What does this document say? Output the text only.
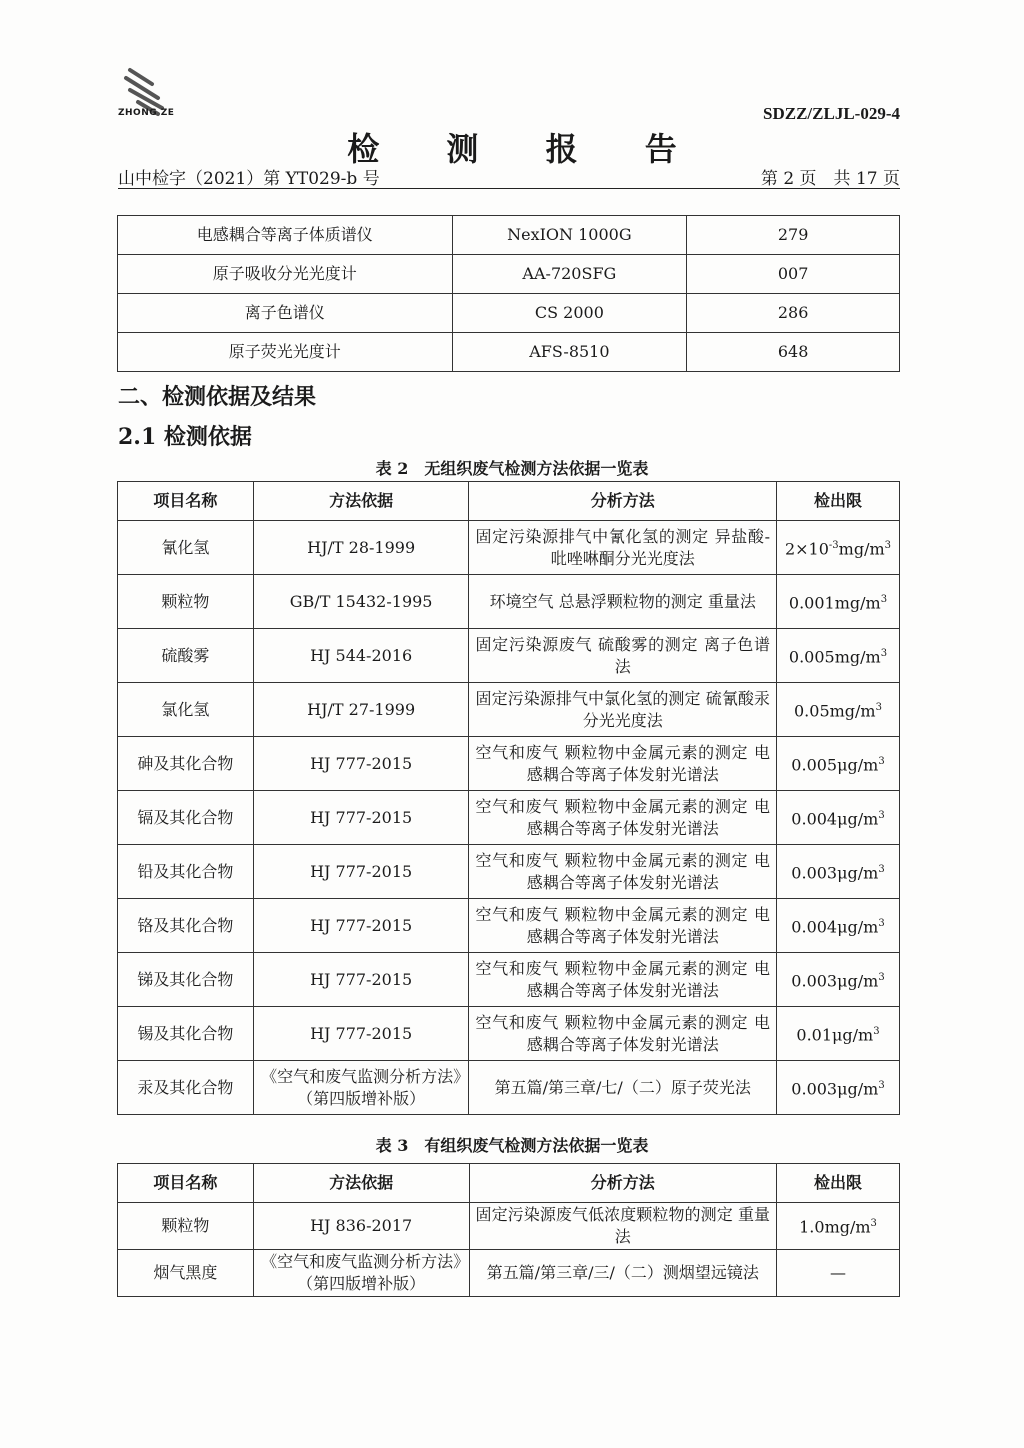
ZHONG ZE	SDZZ/ZLJL-029-4
检 测 报 告
山中检字（2021）第 YT029-b 号	第 2 页　共 17 页
电感耦合等离子体质谱仪	NexION 1000G	279
原子吸收分光光度计	AA-720SFG	007
离子色谱仪	CS 2000	286
原子荧光光度计	AFS-8510	648
二、检测依据及结果
2.1 检测依据
表 2　无组织废气检测方法依据一览表
项目名称	方法依据	分析方法	检出限
氰化氢	HJ/T 28-1999	固定污染源排气中氰化氢的测定 异盐酸-吡唑啉酮分光光度法	$2\times 10^{-3}mg/m^3$
颗粒物	GB/T 15432-1995	环境空气 总悬浮颗粒物的测定 重量法	$0.001mg/m^3$
硫酸雾	HJ 544-2016	固定污染源废气 硫酸雾的测定 离子色谱法	$0.005mg/m^3$
氯化氢	HJ/T 27-1999	固定污染源排气中氯化氢的测定 硫氰酸汞分光光度法	$0.05mg/m^3$
砷及其化合物	HJ 777-2015	空气和废气 颗粒物中金属元素的测定 电感耦合等离子体发射光谱法	$0.005\mu g/m^3$
镉及其化合物	HJ 777-2015	空气和废气 颗粒物中金属元素的测定 电感耦合等离子体发射光谱法	$0.004\mu g/m^3$
铅及其化合物	HJ 777-2015	空气和废气 颗粒物中金属元素的测定 电感耦合等离子体发射光谱法	$0.003\mu g/m^3$
铬及其化合物	HJ 777-2015	空气和废气 颗粒物中金属元素的测定 电感耦合等离子体发射光谱法	$0.004\mu g/m^3$
锑及其化合物	HJ 777-2015	空气和废气 颗粒物中金属元素的测定 电感耦合等离子体发射光谱法	$0.003\mu g/m^3$
锡及其化合物	HJ 777-2015	空气和废气 颗粒物中金属元素的测定 电感耦合等离子体发射光谱法	$0.01\mu g/m^3$
汞及其化合物	《空气和废气监测分析方法》（第四版增补版）	第五篇/第三章/七/（二）原子荧光法	$0.003\mu g/m^3$
表 3　有组织废气检测方法依据一览表
项目名称	方法依据	分析方法	检出限
颗粒物	HJ 836-2017	固定污染源废气低浓度颗粒物的测定 重量法	$1.0mg/m^3$
烟气黑度	《空气和废气监测分析方法》（第四版增补版）	第五篇/第三章/三/（二）测烟望远镜法	—
